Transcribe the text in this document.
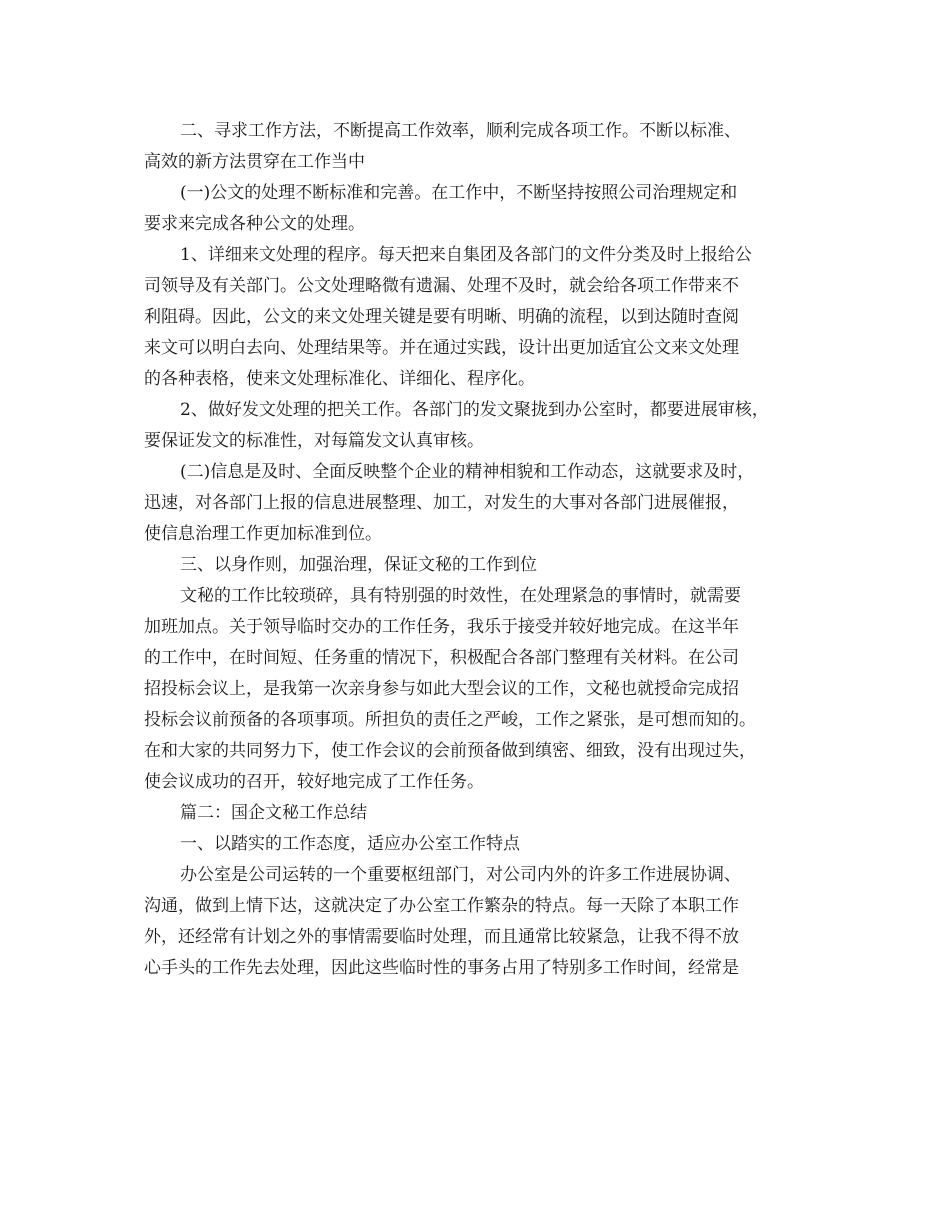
二、寻求工作方法，不断提高工作效率，顺利完成各项工作。不断以标准、
高效的新方法贯穿在工作当中
(一)公文的处理不断标准和完善。在工作中，不断坚持按照公司治理规定和
要求来完成各种公文的处理。
1、详细来文处理的程序。每天把来自集团及各部门的文件分类及时上报给公
司领导及有关部门。公文处理略微有遗漏、处理不及时，就会给各项工作带来不
利阻碍。因此，公文的来文处理关键是要有明晰、明确的流程，以到达随时查阅
来文可以明白去向、处理结果等。并在通过实践，设计出更加适宜公文来文处理
的各种表格，使来文处理标准化、详细化、程序化。
2、做好发文处理的把关工作。各部门的发文聚拢到办公室时，都要进展审核，
要保证发文的标准性，对每篇发文认真审核。
(二)信息是及时、全面反映整个企业的精神相貌和工作动态，这就要求及时，
迅速，对各部门上报的信息进展整理、加工，对发生的大事对各部门进展催报，
使信息治理工作更加标准到位。
三、以身作则，加强治理，保证文秘的工作到位
文秘的工作比较琐碎，具有特别强的时效性，在处理紧急的事情时，就需要
加班加点。关于领导临时交办的工作任务，我乐于接受并较好地完成。在这半年
的工作中，在时间短、任务重的情况下，积极配合各部门整理有关材料。在公司
招投标会议上，是我第一次亲身参与如此大型会议的工作，文秘也就授命完成招
投标会议前预备的各项事项。所担负的责任之严峻，工作之紧张，是可想而知的。
在和大家的共同努力下，使工作会议的会前预备做到缜密、细致，没有出现过失，
使会议成功的召开，较好地完成了工作任务。
篇二：国企文秘工作总结
一、以踏实的工作态度，适应办公室工作特点
办公室是公司运转的一个重要枢纽部门，对公司内外的许多工作进展协调、
沟通，做到上情下达，这就决定了办公室工作繁杂的特点。每一天除了本职工作
外，还经常有计划之外的事情需要临时处理，而且通常比较紧急，让我不得不放
心手头的工作先去处理，因此这些临时性的事务占用了特别多工作时间，经常是
